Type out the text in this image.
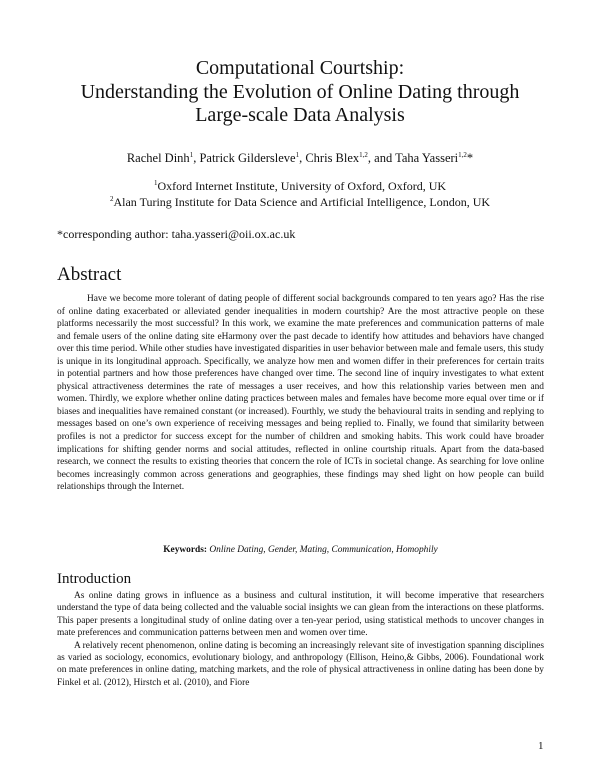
Computational Courtship:
Understanding the Evolution of Online Dating through
Large-scale Data Analysis
Rachel Dinh$^1$, Patrick Gildersleve$^1$, Chris Blex$^{1,2}$, and Taha Yasseri$^{1,2}$*
$^1$Oxford Internet Institute, University of Oxford, Oxford, UK
$^2$Alan Turing Institute for Data Science and Artificial Intelligence, London, UK
*corresponding author: taha.yasseri@oii.ox.ac.uk
Abstract
Have we become more tolerant of dating people of different social backgrounds compared to ten years ago? Has the rise of online dating exacerbated or alleviated gender inequalities in modern courtship? Are the most attractive people on these platforms necessarily the most successful? In this work, we examine the mate preferences and communication patterns of male and female users of the online dating site eHarmony over the past decade to identify how attitudes and behaviors have changed over this time period. While other studies have investigated disparities in user behavior between male and female users, this study is unique in its longitudinal approach. Specifically, we analyze how men and women differ in their preferences for certain traits in potential partners and how those preferences have changed over time. The second line of inquiry investigates to what extent physical attractiveness determines the rate of messages a user receives, and how this relationship varies between men and women. Thirdly, we explore whether online dating practices between males and females have become more equal over time or if biases and inequalities have remained constant (or increased). Fourthly, we study the behavioural traits in sending and replying to messages based on one’s own experience of receiving messages and being replied to. Finally, we found that similarity between profiles is not a predictor for success except for the number of children and smoking habits. This work could have broader implications for shifting gender norms and social attitudes, reflected in online courtship rituals. Apart from the data-based research, we connect the results to existing theories that concern the role of ICTs in societal change. As searching for love online becomes increasingly common across generations and geographies, these findings may shed light on how people can build relationships through the Internet.
Keywords: Online Dating, Gender, Mating, Communication, Homophily
Introduction

As online dating grows in influence as a business and cultural institution, it will become imperative that researchers understand the type of data being collected and the valuable social insights we can glean from the interactions on these platforms. This paper presents a longitudinal study of online dating over a ten-year period, using statistical methods to uncover changes in mate preferences and communication patterns between men and women over time.

A relatively recent phenomenon, online dating is becoming an increasingly relevant site of investigation spanning disciplines as varied as sociology, economics, evolutionary biology, and anthropology (Ellison, Heino,& Gibbs, 2006). Foundational work on mate preferences in online dating, matching markets, and the role of physical attractiveness in online dating has been done by Finkel et al. (2012), Hirstch et al. (2010), and Fiore

1
